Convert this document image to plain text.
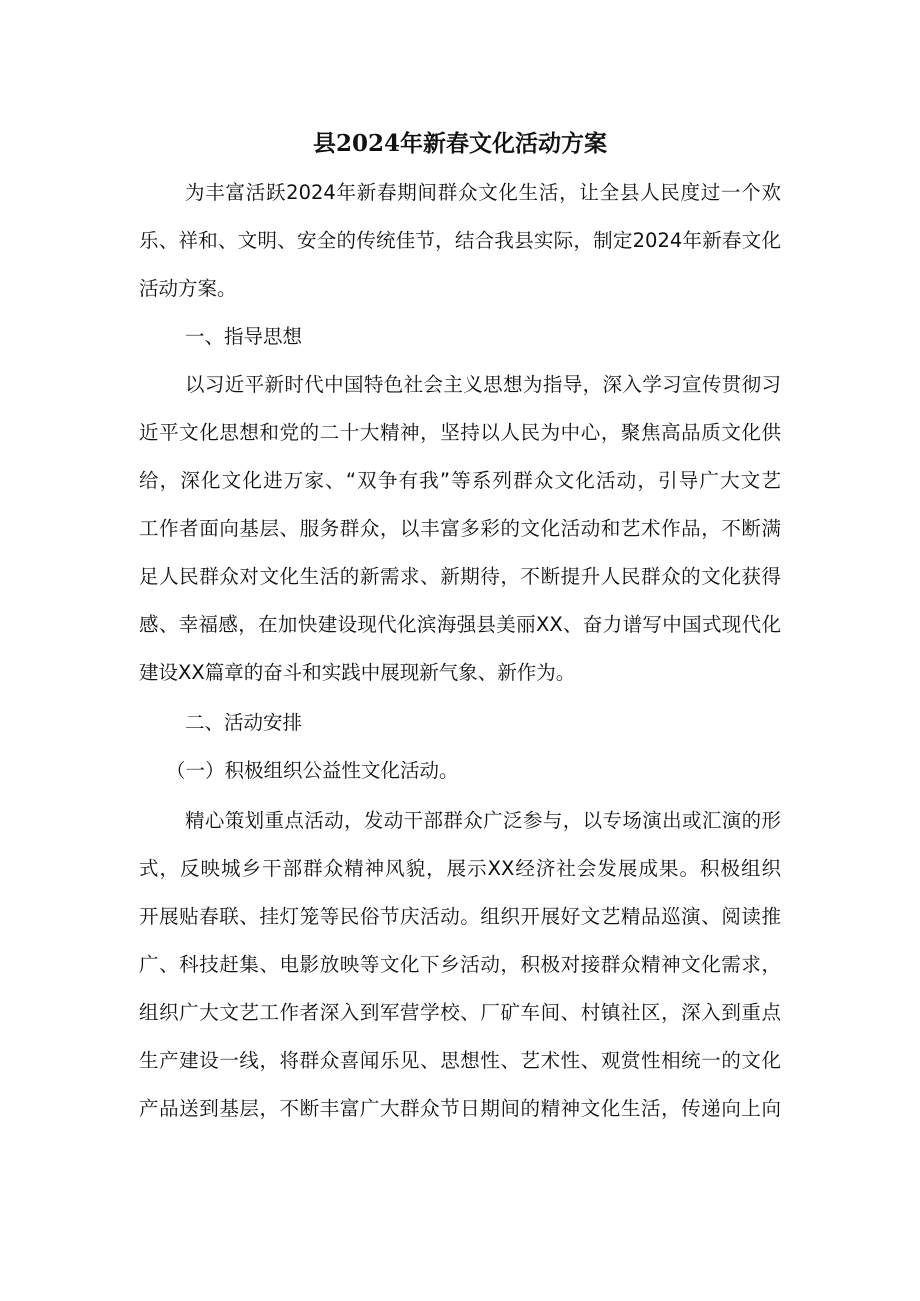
县2024年新春文化活动方案
为丰富活跃2024年新春期间群众文化生活，让全县人民度过一个欢
乐、祥和、文明、安全的传统佳节，结合我县实际，制定2024年新春文化
活动方案。
一、指导思想
以习近平新时代中国特色社会主义思想为指导，深入学习宣传贯彻习
近平文化思想和党的二十大精神，坚持以人民为中心，聚焦高品质文化供
给，深化文化进万家、“双争有我”等系列群众文化活动，引导广大文艺
工作者面向基层、服务群众，以丰富多彩的文化活动和艺术作品，不断满
足人民群众对文化生活的新需求、新期待，不断提升人民群众的文化获得
感、幸福感，在加快建设现代化滨海强县美丽XX、奋力谱写中国式现代化
建设XX篇章的奋斗和实践中展现新气象、新作为。
二、活动安排
（一）积极组织公益性文化活动。
精心策划重点活动，发动干部群众广泛参与，以专场演出或汇演的形
式，反映城乡干部群众精神风貌，展示XX经济社会发展成果。积极组织
开展贴春联、挂灯笼等民俗节庆活动。组织开展好文艺精品巡演、阅读推
广、科技赶集、电影放映等文化下乡活动，积极对接群众精神文化需求，
组织广大文艺工作者深入到军营学校、厂矿车间、村镇社区，深入到重点
生产建设一线，将群众喜闻乐见、思想性、艺术性、观赏性相统一的文化
产品送到基层，不断丰富广大群众节日期间的精神文化生活，传递向上向
